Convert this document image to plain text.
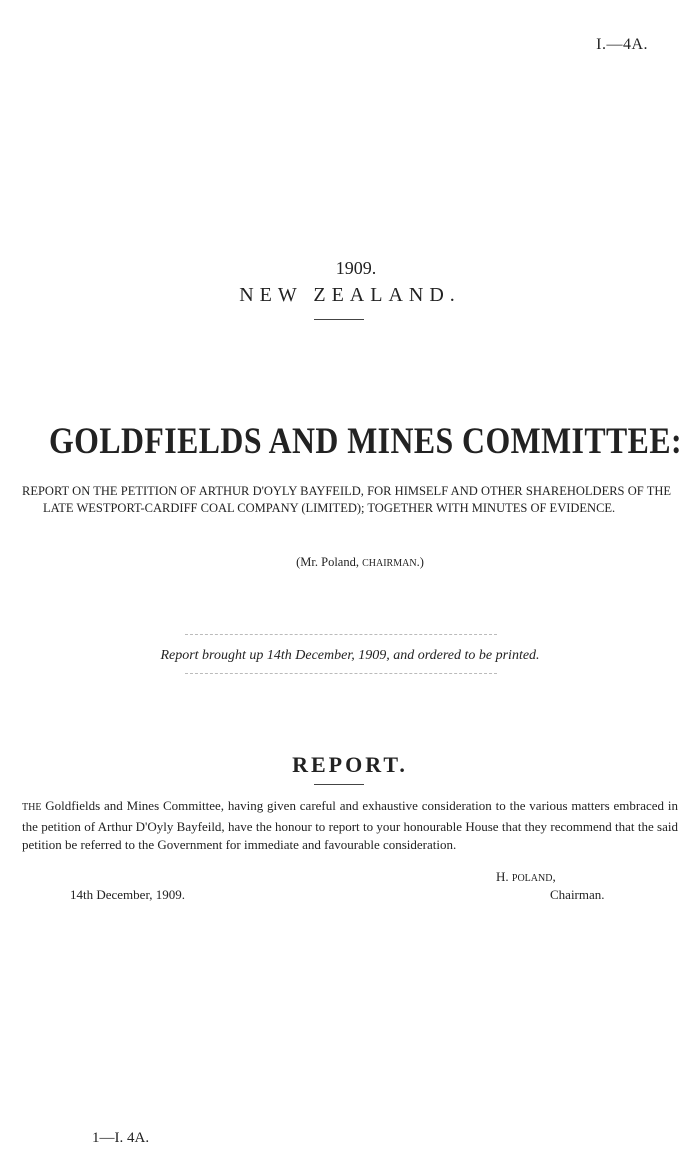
I.—4A.
1909.
NEW ZEALAND.
GOLDFIELDS AND MINES COMMITTEE:
REPORT ON THE PETITION OF ARTHUR D'OYLY BAYFEILD, FOR HIMSELF AND OTHER SHAREHOLDERS OF THE LATE WESTPORT-CARDIFF COAL COMPANY (LIMITED); TOGETHER WITH MINUTES OF EVIDENCE.
(Mr. Poland, CHAIRMAN.)
Report brought up 14th December, 1909, and ordered to be printed.
REPORT.
THE Goldfields and Mines Committee, having given careful and exhaustive consideration to the various matters embraced in the petition of Arthur D'Oyly Bayfeild, have the honour to report to your honourable House that they recommend that the said petition be referred to the Government for immediate and favourable consideration.
H. POLAND,
14th December, 1909.	Chairman.
1—I. 4A.
